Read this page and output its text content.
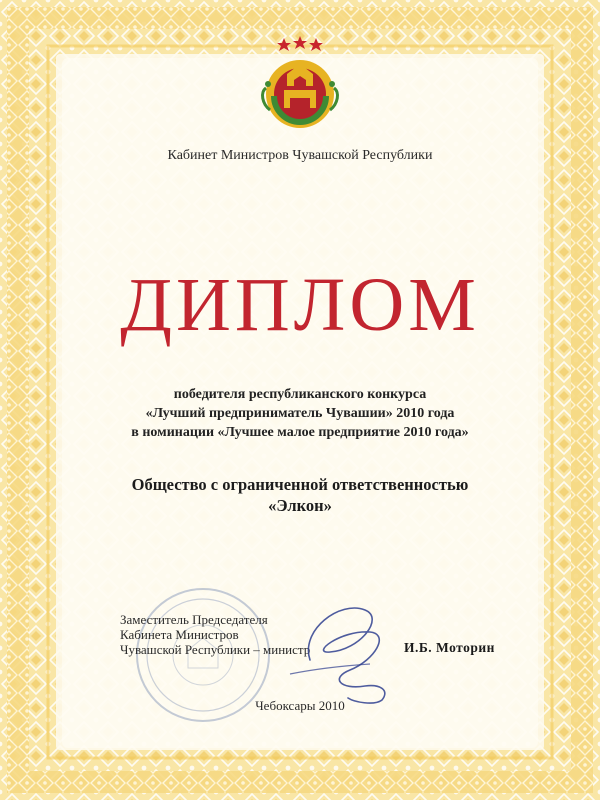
Кабинет Министров Чувашской Республики
ДИПЛОМ
победителя республиканского конкурса
«Лучший предприниматель Чувашии» 2010 года
в номинации «Лучшее малое предприятие 2010 года»
Общество с ограниченной ответственностью
«Элкон»
Заместитель Председателя
Кабинета Министров
Чувашской Республики – министр	И.Б. Моторин
Чебоксары 2010
